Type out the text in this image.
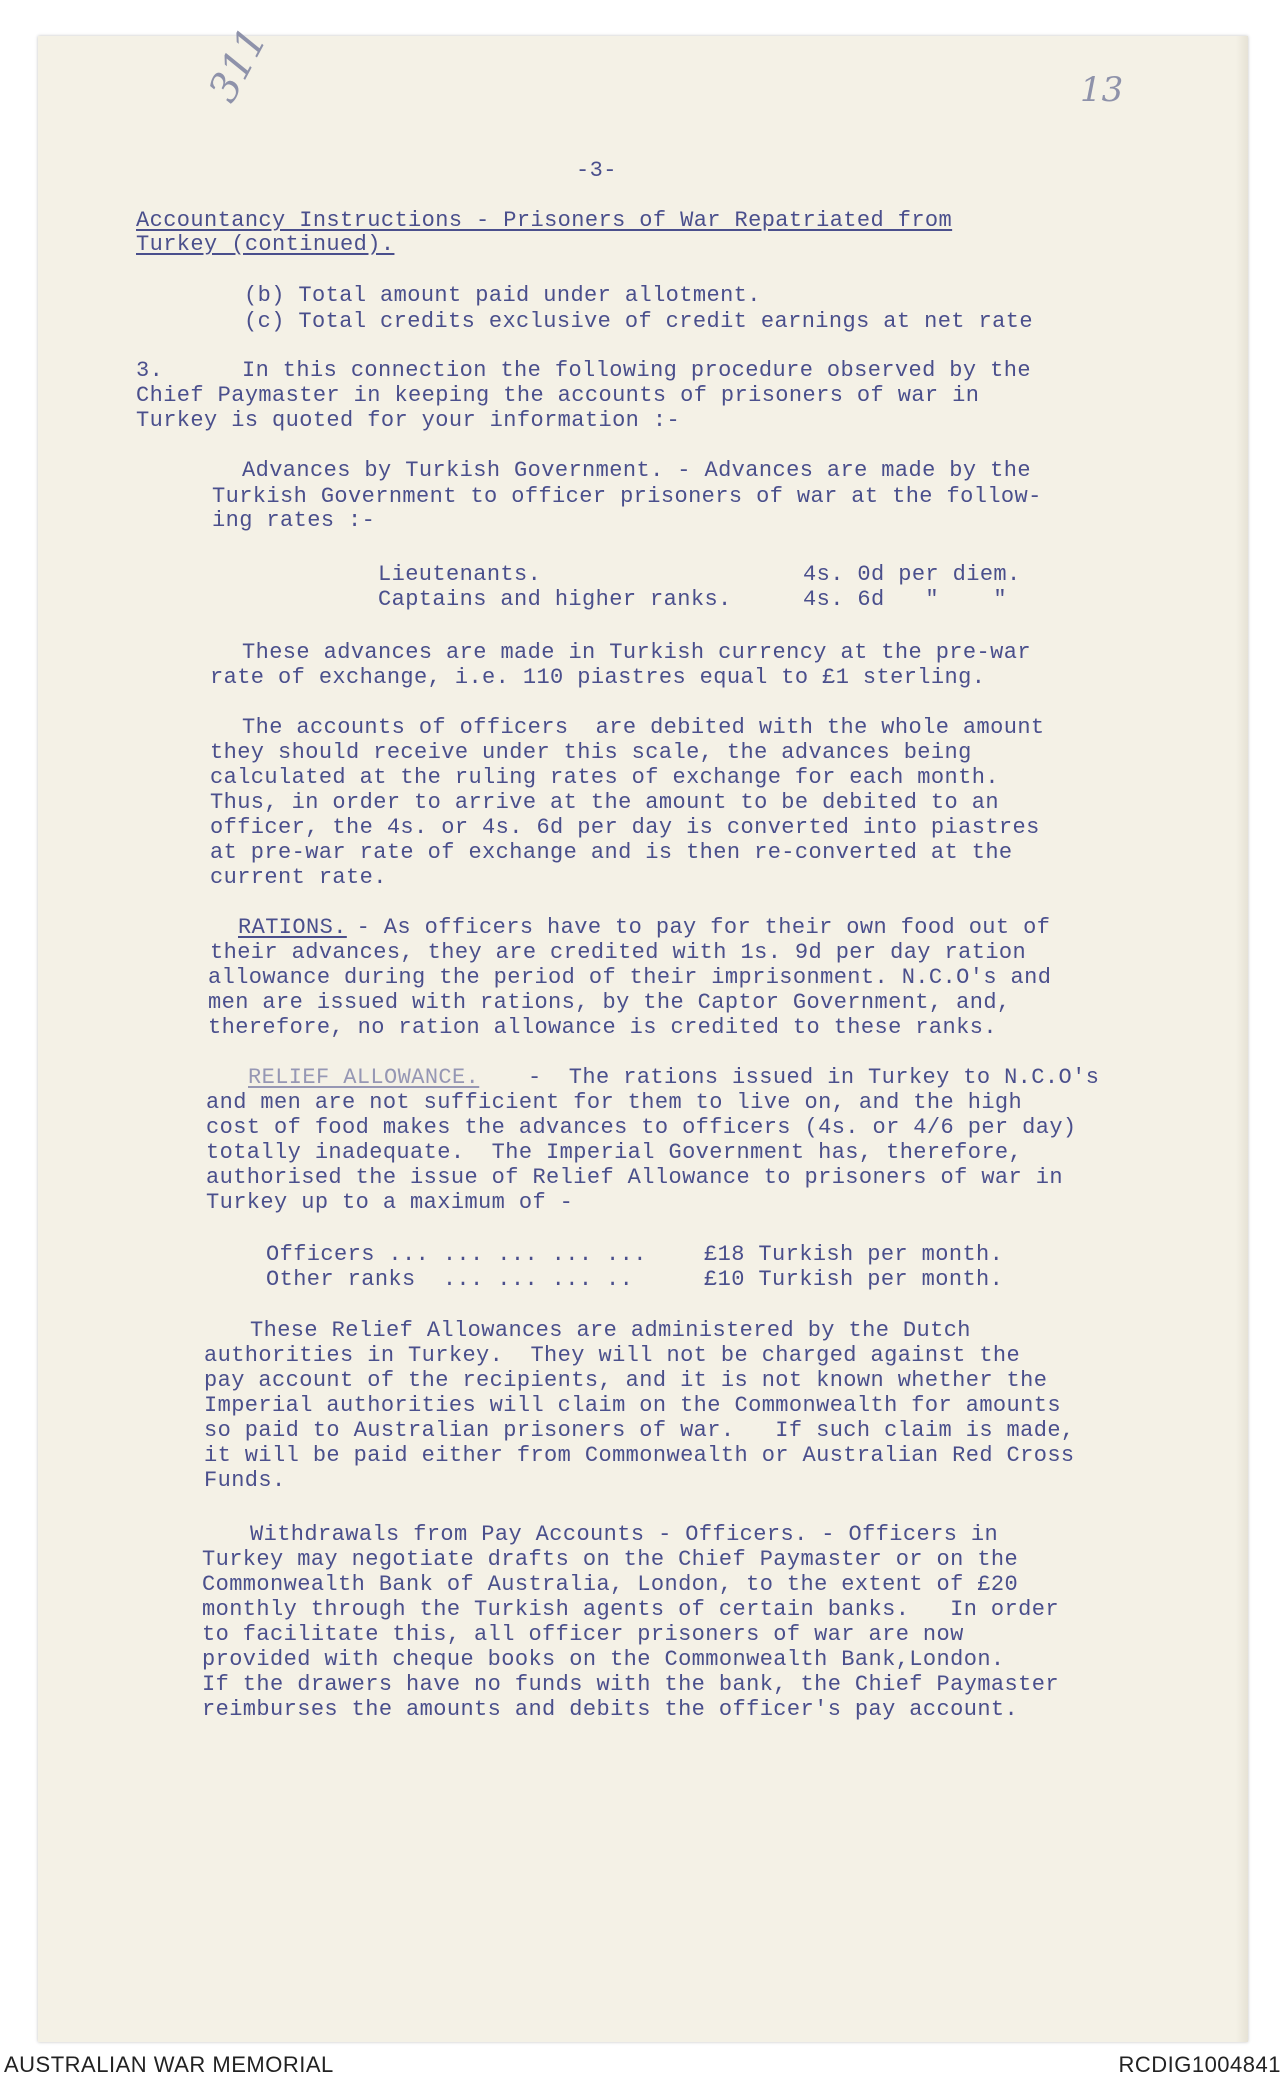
311	13
-3-
Accountancy Instructions - Prisoners of War Repatriated from
Turkey (continued).
(b) Total amount paid under allotment.
(c) Total credits exclusive of credit earnings at net rate
3.	In this connection the following procedure observed by the
Chief Paymaster in keeping the accounts of prisoners of war in
Turkey is quoted for your information :-
Advances by Turkish Government. - Advances are made by the
Turkish Government to officer prisoners of war at the follow-
ing rates :-
Lieutenants.	4s. 0d per diem.
Captains and higher ranks.	4s. 6d   "    "
These advances are made in Turkish currency at the pre-war
rate of exchange, i.e. 110 piastres equal to £1 sterling.
The accounts of officers  are debited with the whole amount
they should receive under this scale, the advances being
calculated at the ruling rates of exchange for each month.
Thus, in order to arrive at the amount to be debited to an
officer, the 4s. or 4s. 6d per day is converted into piastres
at pre-war rate of exchange and is then re-converted at the
current rate.
RATIONS.
- As officers have to pay for their own food out of
their advances, they are credited with 1s. 9d per day ration
allowance during the period of their imprisonment. N.C.O's and
men are issued with rations, by the Captor Government, and,
therefore, no ration allowance is credited to these ranks.
RELIEF ALLOWANCE. -  The rations issued in Turkey to N.C.O's
and men are not sufficient for them to live on, and the high
cost of food makes the advances to officers (4s. or 4/6 per day)
totally inadequate.  The Imperial Government has, therefore,
authorised the issue of Relief Allowance to prisoners of war in
Turkey up to a maximum of -
Officers ... ... ... ... ...	£18 Turkish per month.
Other ranks  ... ... ... ..	£10 Turkish per month.
These Relief Allowances are administered by the Dutch
authorities in Turkey.  They will not be charged against the
pay account of the recipients, and it is not known whether the
Imperial authorities will claim on the Commonwealth for amounts
so paid to Australian prisoners of war.   If such claim is made,
it will be paid either from Commonwealth or Australian Red Cross
Funds.
Withdrawals from Pay Accounts - Officers. - Officers in
Turkey may negotiate drafts on the Chief Paymaster or on the
Commonwealth Bank of Australia, London, to the extent of £20
monthly through the Turkish agents of certain banks.   In order
to facilitate this, all officer prisoners of war are now
provided with cheque books on the Commonwealth Bank,London.
If the drawers have no funds with the bank, the Chief Paymaster
reimburses the amounts and debits the officer's pay account.
AUSTRALIAN WAR MEMORIAL	RCDIG1004841
